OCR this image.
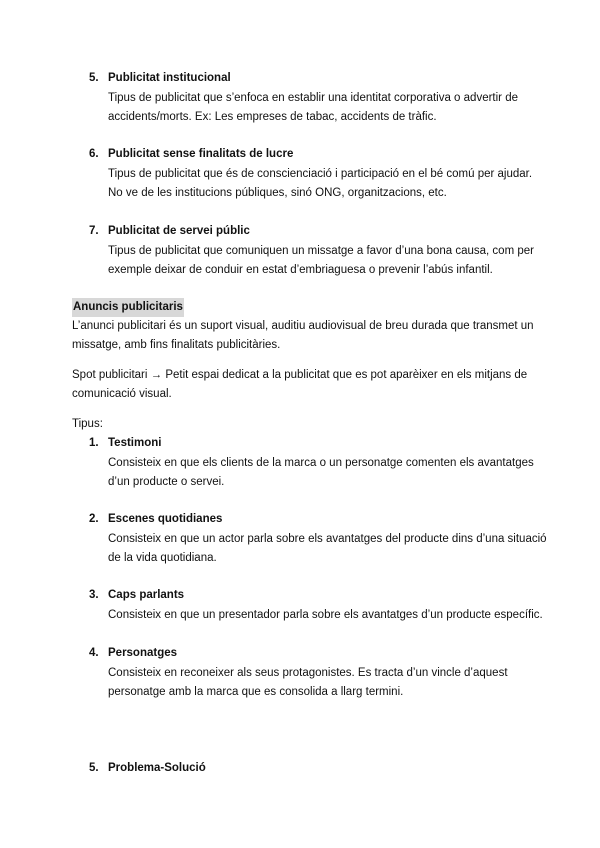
5. Publicitat institucional
Tipus de publicitat que s’enfoca en establir una identitat corporativa o advertir de accidents/morts. Ex: Les empreses de tabac, accidents de tràfic.
6. Publicitat sense finalitats de lucre
Tipus de publicitat que és de conscienciació i participació en el bé comú per ajudar. No ve de les institucions públiques, sinó ONG, organitzacions, etc.
7. Publicitat de servei públic
Tipus de publicitat que comuniquen un missatge a favor d’una bona causa, com per exemple deixar de conduir en estat d’embriaguesa o prevenir l’abús infantil.
Anuncis publicitaris
L’anunci publicitari és un suport visual, auditiu audiovisual de breu durada que transmet un missatge, amb fins finalitats publicitàries.
Spot publicitari → Petit espai dedicat a la publicitat que es pot aparèixer en els mitjans de comunicació visual.
Tipus:
1. Testimoni
Consisteix en que els clients de la marca o un personatge comenten els avantatges d’un producte o servei.
2. Escenes quotidianes
Consisteix en que un actor parla sobre els avantatges del producte dins d’una situació de la vida quotidiana.
3. Caps parlants
Consisteix en que un presentador parla sobre els avantatges d’un producte específic.
4. Personatges
Consisteix en reconeixer als seus protagonistes. Es tracta d’un vincle d’aquest personatge amb la marca que es consolida a llarg termini.
5. Problema-Solució
